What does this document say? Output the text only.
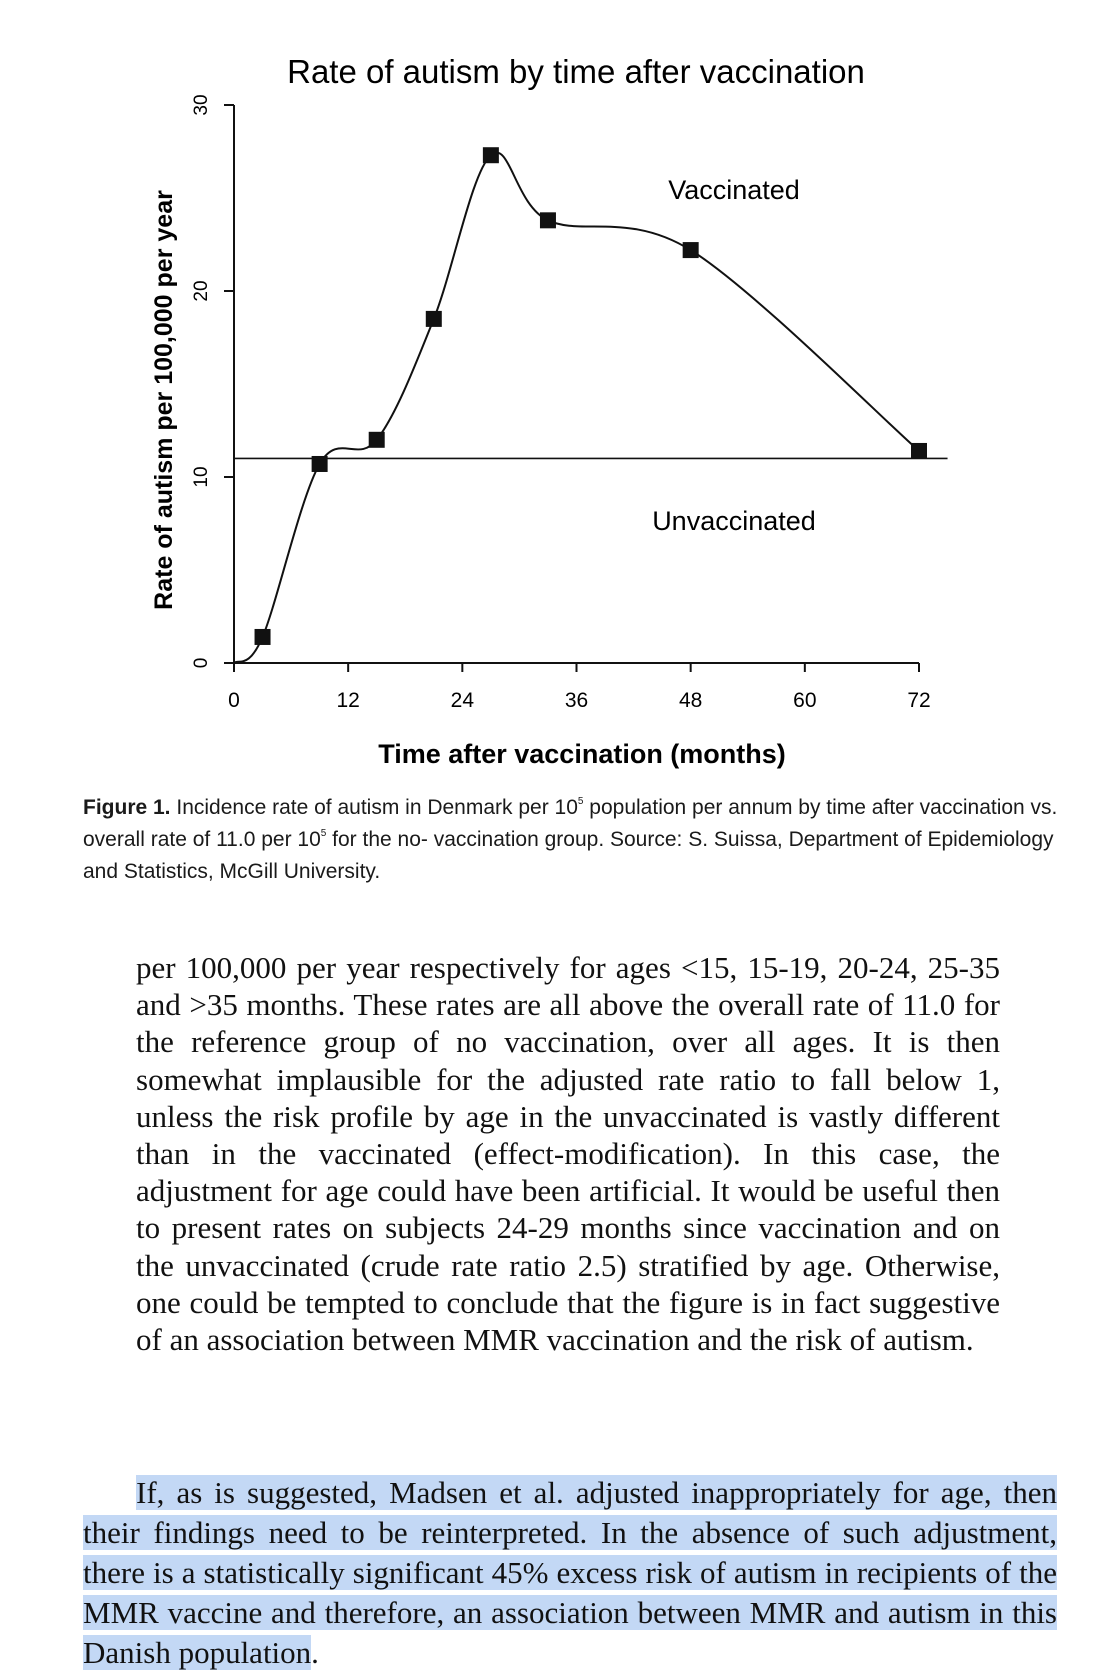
Rate of autism by time after vaccination
0
10
20
30
0	12	24	36	48	60	72
Vaccinated
Unvaccinated
Time after vaccination (months)
Rate of autism per 100,000 per year
Figure 1. Incidence rate of autism in Denmark per $10^5$ population per annum by time after vaccination vs. overall rate of 11.0 per $10^5$ for the no- vaccination group. Source: S. Suissa, Department of Epidemiology and Statistics, McGill University.

per 100,000 per year respectively for ages <15, 15-19, 20-24, 25-35 and >35 months. These rates are all above the overall rate of 11.0 for the reference group of no vaccination, over all ages. It is then somewhat implausible for the adjusted rate ratio to fall below 1, unless the risk profile by age in the unvaccinated is vastly different than in the vaccinated (effect-modification). In this case, the adjustment for age could have been artificial. It would be useful then to present rates on subjects 24-29 months since vaccination and on the unvaccinated (crude rate ratio 2.5) stratified by age. Otherwise, one could be tempted to conclude that the figure is in fact suggestive of an association between MMR vaccination and the risk of autism.

If, as is suggested, Madsen et al. adjusted inappropriately for age, then their findings need to be reinterpreted. In the absence of such adjustment, there is a statistically significant 45% excess risk of autism in recipients of the MMR vaccine and therefore, an association between MMR and autism in this Danish population.
